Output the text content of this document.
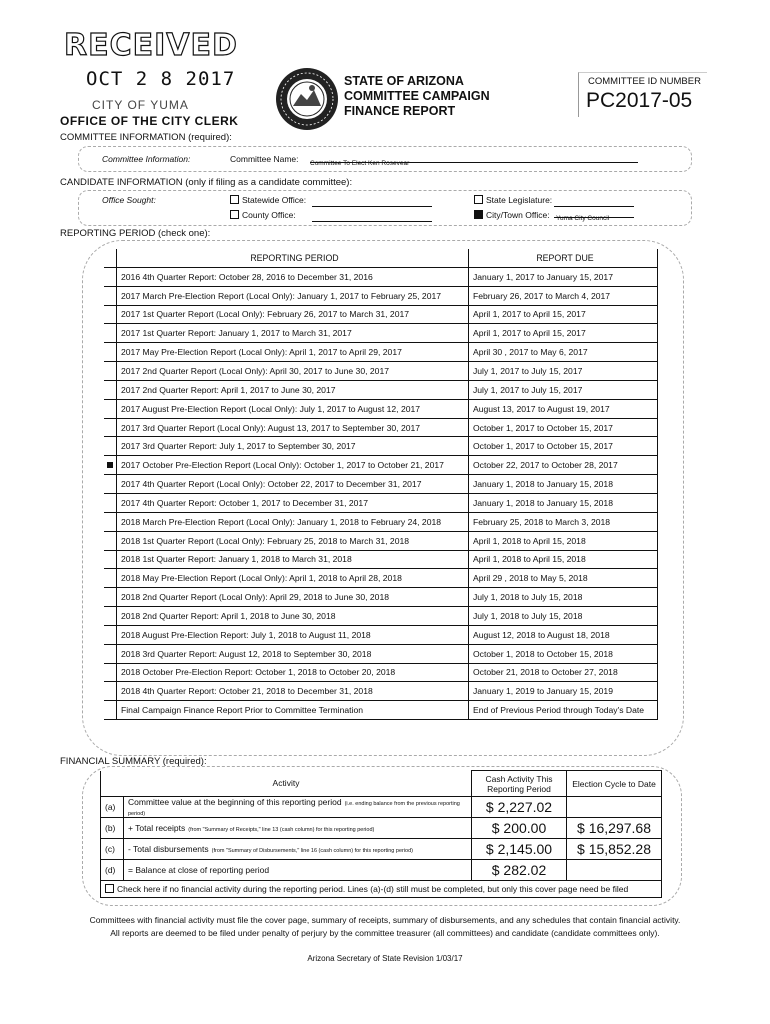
RECEIVED
OCT 2 8 2017
CITY OF YUMA
OFFICE OF THE CITY CLERK
STATE OF ARIZONA
COMMITTEE CAMPAIGN
FINANCE REPORT
COMMITTEE ID NUMBER
PC2017-05
COMMITTEE INFORMATION (required):
Committee Information:	Committee Name: Committee To Elect Ken Rosevear
CANDIDATE INFORMATION (only if filing as a candidate committee):
Office Sought:	Statewide Office:
County Office:
State Legislature:
City/Town Office: Yuma City Council
REPORTING PERIOD (check one):
	REPORTING PERIOD	REPORT DUE
	2016 4th Quarter Report: October 28, 2016 to December 31, 2016	January 1, 2017 to January 15, 2017
	2017 March Pre-Election Report (Local Only): January 1, 2017 to February 25, 2017	February 26, 2017 to March 4, 2017
	2017 1st Quarter Report (Local Only): February 26, 2017 to March 31, 2017	April 1, 2017 to April 15, 2017
	2017 1st Quarter Report: January 1, 2017 to March 31, 2017	April 1, 2017 to April 15, 2017
	2017 May Pre-Election Report (Local Only): April 1, 2017 to April 29, 2017	April 30 , 2017 to May 6, 2017
	2017 2nd Quarter Report (Local Only): April 30, 2017 to June 30, 2017	July 1, 2017 to July 15, 2017
	2017 2nd Quarter Report: April 1, 2017 to June 30, 2017	July 1, 2017 to July 15, 2017
	2017 August Pre-Election Report (Local Only): July 1, 2017 to August 12, 2017	August 13, 2017 to August 19, 2017
	2017 3rd Quarter Report (Local Only): August 13, 2017 to September 30, 2017	October 1, 2017 to October 15, 2017
	2017 3rd Quarter Report: July 1, 2017 to September 30, 2017	October 1, 2017 to October 15, 2017
	2017 October Pre-Election Report (Local Only): October 1, 2017 to October 21, 2017	October 22, 2017 to October 28, 2017
	2017 4th Quarter Report (Local Only): October 22, 2017 to December 31, 2017	January 1, 2018 to January 15, 2018
	2017 4th Quarter Report: October 1, 2017 to December 31, 2017	January 1, 2018 to January 15, 2018
	2018 March Pre-Election Report (Local Only): January 1, 2018 to February 24, 2018	February 25, 2018 to March 3, 2018
	2018 1st Quarter Report (Local Only): February 25, 2018 to March 31, 2018	April 1, 2018 to April 15, 2018
	2018 1st Quarter Report: January 1, 2018 to March 31, 2018	April 1, 2018 to April 15, 2018
	2018 May Pre-Election Report (Local Only): April 1, 2018 to April 28, 2018	April 29 , 2018 to May 5, 2018
	2018 2nd Quarter Report (Local Only): April 29, 2018 to June 30, 2018	July 1, 2018 to July 15, 2018
	2018 2nd Quarter Report: April 1, 2018 to June 30, 2018	July 1, 2018 to July 15, 2018
	2018 August Pre-Election Report: July 1, 2018 to August 11, 2018	August 12, 2018 to August 18, 2018
	2018 3rd Quarter Report: August 12, 2018 to September 30, 2018	October 1, 2018 to October 15, 2018
	2018 October Pre-Election Report: October 1, 2018 to October 20, 2018	October 21, 2018 to October 27, 2018
	2018 4th Quarter Report: October 21, 2018 to December 31, 2018	January 1, 2019 to January 15, 2019
	Final Campaign Finance Report Prior to Committee Termination	End of Previous Period through Today's Date
FINANCIAL SUMMARY (required):
Activity		Cash Activity This Reporting Period	Election Cycle to Date
(a)	Committee value at the beginning of this reporting period (i.e. ending balance from the previous reporting period)	$ 2,227.02	
(b)	+ Total receipts (from "Summary of Receipts," line 13 (cash column) for this reporting period)	$ 200.00	$ 16,297.68
(c)	- Total disbursements (from "Summary of Disbursements," line 16 (cash column) for this reporting period)	$ 2,145.00	$ 15,852.28
(d)	= Balance at close of reporting period	$ 282.02	
Check here if no financial activity during the reporting period. Lines (a)-(d) still must be completed, but only this cover page need be filed
Committees with financial activity must file the cover page, summary of receipts, summary of disbursements, and any schedules that contain financial activity.
All reports are deemed to be filed under penalty of perjury by the committee treasurer (all committees) and candidate (candidate committees only).
Arizona Secretary of State Revision 1/03/17
